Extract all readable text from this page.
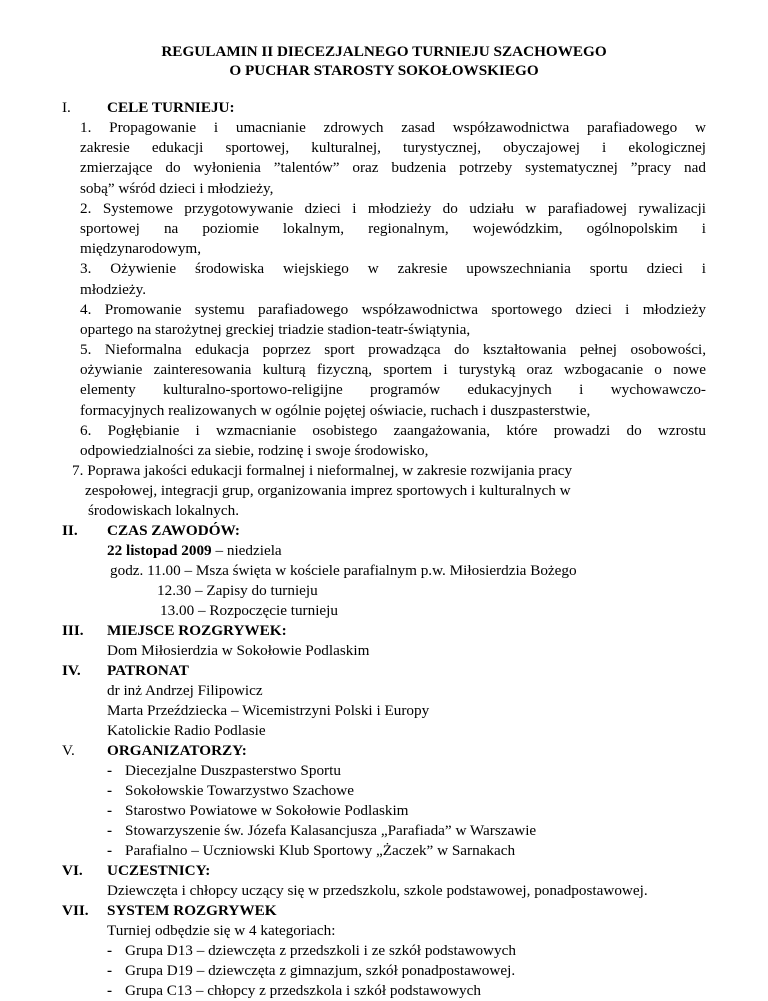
REGULAMIN II DIECEZJALNEGO TURNIEJU SZACHOWEGO
O PUCHAR STAROSTY SOKOŁOWSKIEGO
I. CELE TURNIEJU:
1. Propagowanie i umacnianie zdrowych zasad współzawodnictwa parafiadowego w
zakresie edukacji sportowej, kulturalnej, turystycznej, obyczajowej i ekologicznej
zmierzające do wyłonienia ”talentów” oraz budzenia potrzeby systematycznej ”pracy nad
sobą” wśród dzieci i młodzieży,
2. Systemowe przygotowywanie dzieci i młodzieży do udziału w parafiadowej rywalizacji
sportowej na poziomie lokalnym, regionalnym, wojewódzkim, ogólnopolskim i
międzynarodowym,
3. Ożywienie środowiska wiejskiego w zakresie upowszechniania sportu dzieci i
młodzieży.
4. Promowanie systemu parafiadowego współzawodnictwa sportowego dzieci i młodzieży
opartego na starożytnej greckiej triadzie stadion-teatr-świątynia,
5. Nieformalna edukacja poprzez sport prowadząca do kształtowania pełnej osobowości,
ożywianie zainteresowania kulturą fizyczną, sportem i turystyką oraz wzbogacanie o nowe
elementy kulturalno-sportowo-religijne programów edukacyjnych i wychowawczo-
formacyjnych realizowanych w ogólnie pojętej oświacie, ruchach i duszpasterstwie,
6. Pogłębianie i wzmacnianie osobistego zaangażowania, które prowadzi do wzrostu
odpowiedzialności za siebie, rodzinę i swoje środowisko,
7. Poprawa jakości edukacji formalnej i nieformalnej, w zakresie rozwijania pracy
zespołowej, integracji grup, organizowania imprez sportowych i kulturalnych w
środowiskach lokalnych.
II. CZAS ZAWODÓW:
22 listopad 2009 – niedziela
godz. 11.00 – Msza święta w kościele parafialnym p.w. Miłosierdzia Bożego
12.30 – Zapisy do turnieju
13.00 – Rozpoczęcie turnieju
III. MIEJSCE ROZGRYWEK:
Dom Miłosierdzia w Sokołowie Podlaskim
IV. PATRONAT
dr inż Andrzej Filipowicz
Marta Przeździecka – Wicemistrzyni Polski i Europy
Katolickie Radio Podlasie
V. ORGANIZATORZY:
- Diecezjalne Duszpasterstwo Sportu
- Sokołowskie Towarzystwo Szachowe
- Starostwo Powiatowe w Sokołowie Podlaskim
- Stowarzyszenie św. Józefa Kalasancjusza „Parafiada” w Warszawie
- Parafialno – Uczniowski Klub Sportowy „Żaczek” w Sarnakach
VI. UCZESTNICY:
Dziewczęta i chłopcy uczący się w przedszkolu, szkole podstawowej, ponadpostawowej.
VII. SYSTEM ROZGRYWEK
Turniej odbędzie się w 4 kategoriach:
- Grupa D13 – dziewczęta z przedszkoli i ze szkół podstawowych
- Grupa D19 – dziewczęta z gimnazjum, szkół ponadpostawowej.
- Grupa C13 – chłopcy z przedszkola i szkół podstawowych
